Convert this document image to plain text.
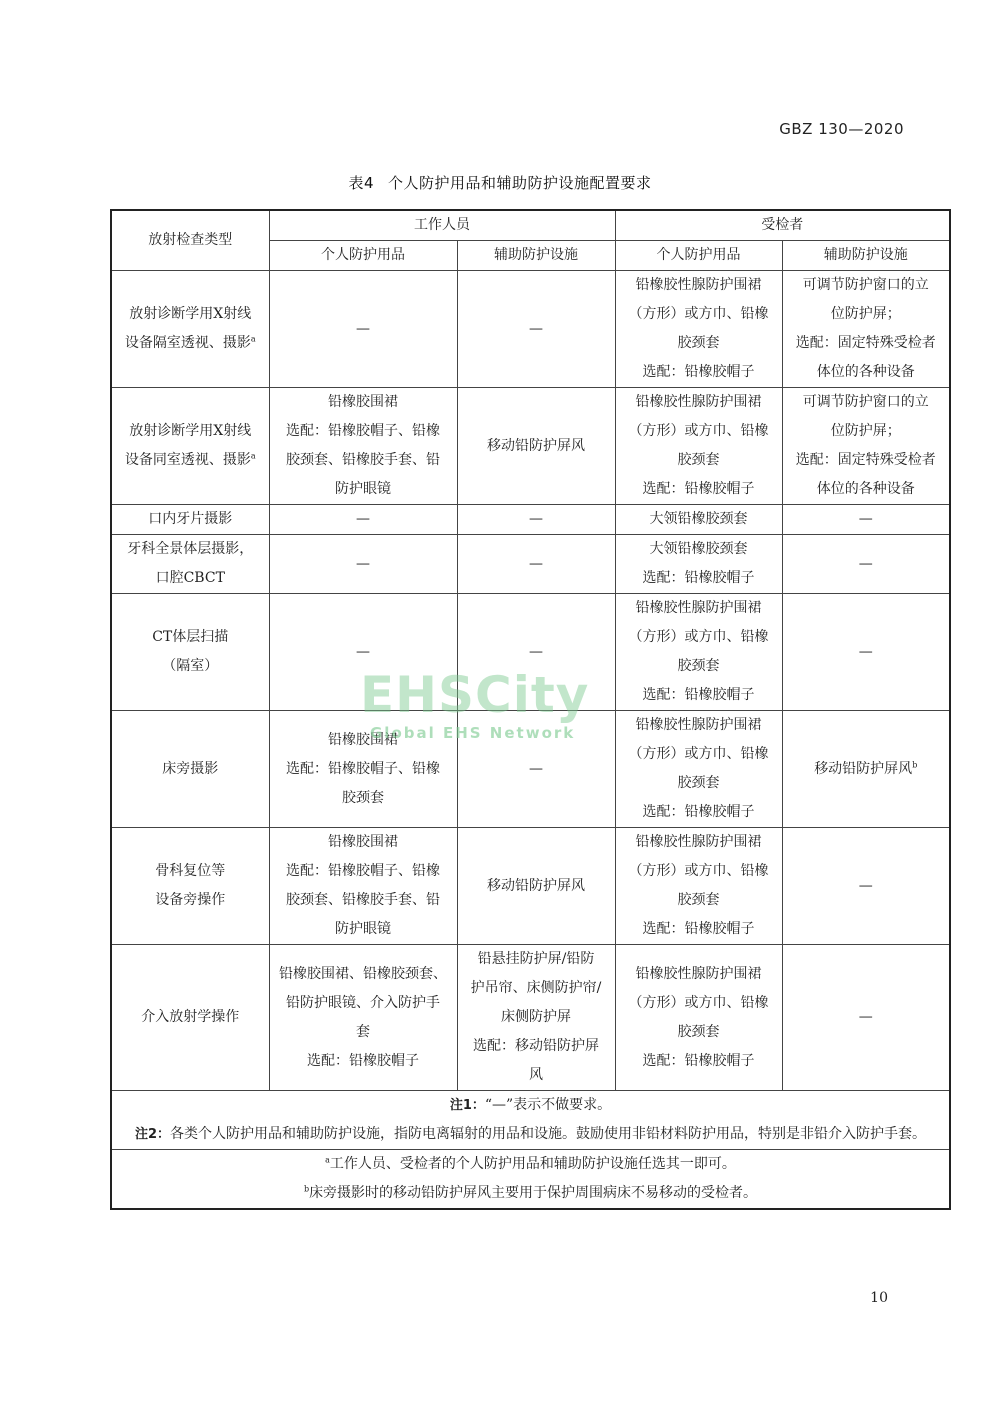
GBZ 130—2020
表4 个人防护用品和辅助防护设施配置要求
放射检查类型	工作人员		受检者	
	个人防护用品	辅助防护设施	个人防护用品	辅助防护设施

放射诊断学用X射线
设备隔室透视、摄影$^a$	—	—	铅橡胶性腺防护围裙
（方形）或方巾、铅橡
胶颈套
选配：铅橡胶帽子	可调节防护窗口的立
位防护屏；
选配：固定特殊受检者
体位的各种设备

放射诊断学用X射线
设备同室透视、摄影$^a$	铅橡胶围裙
选配：铅橡胶帽子、铅橡
胶颈套、铅橡胶手套、铅
防护眼镜	移动铅防护屏风	铅橡胶性腺防护围裙
（方形）或方巾、铅橡
胶颈套
选配：铅橡胶帽子	可调节防护窗口的立
位防护屏；
选配：固定特殊受检者
体位的各种设备

口内牙片摄影	—	—	大领铅橡胶颈套	—

牙科全景体层摄影，
口腔CBCT	—	—	大领铅橡胶颈套
选配：铅橡胶帽子	—

CT体层扫描
（隔室）	—	—	铅橡胶性腺防护围裙
（方形）或方巾、铅橡
胶颈套
选配：铅橡胶帽子	—

床旁摄影	铅橡胶围裙
选配：铅橡胶帽子、铅橡
胶颈套	—	铅橡胶性腺防护围裙
（方形）或方巾、铅橡
胶颈套
选配：铅橡胶帽子	移动铅防护屏风$^b$

骨科复位等
设备旁操作	铅橡胶围裙
选配：铅橡胶帽子、铅橡
胶颈套、铅橡胶手套、铅
防护眼镜	移动铅防护屏风	铅橡胶性腺防护围裙
（方形）或方巾、铅橡
胶颈套
选配：铅橡胶帽子	—

介入放射学操作	铅橡胶围裙、铅橡胶颈套、
铅防护眼镜、介入防护手
套
选配：铅橡胶帽子	铅悬挂防护屏/铅防
护吊帘、床侧防护帘/
床侧防护屏
选配：移动铅防护屏
风	铅橡胶性腺防护围裙
（方形）或方巾、铅橡
胶颈套
选配：铅橡胶帽子	—

注1：“—”表示不做要求。
注2：各类个人防护用品和辅助防护设施，指防电离辐射的用品和设施。鼓励使用非铅材料防护用品，特别是非铅介入防护手套。				

$^a$工作人员、受检者的个人防护用品和辅助防护设施任选其一即可。
$^b$床旁摄影时的移动铅防护屏风主要用于保护周围病床不易移动的受检者。				
EHSCity
Global EHS Network
10
